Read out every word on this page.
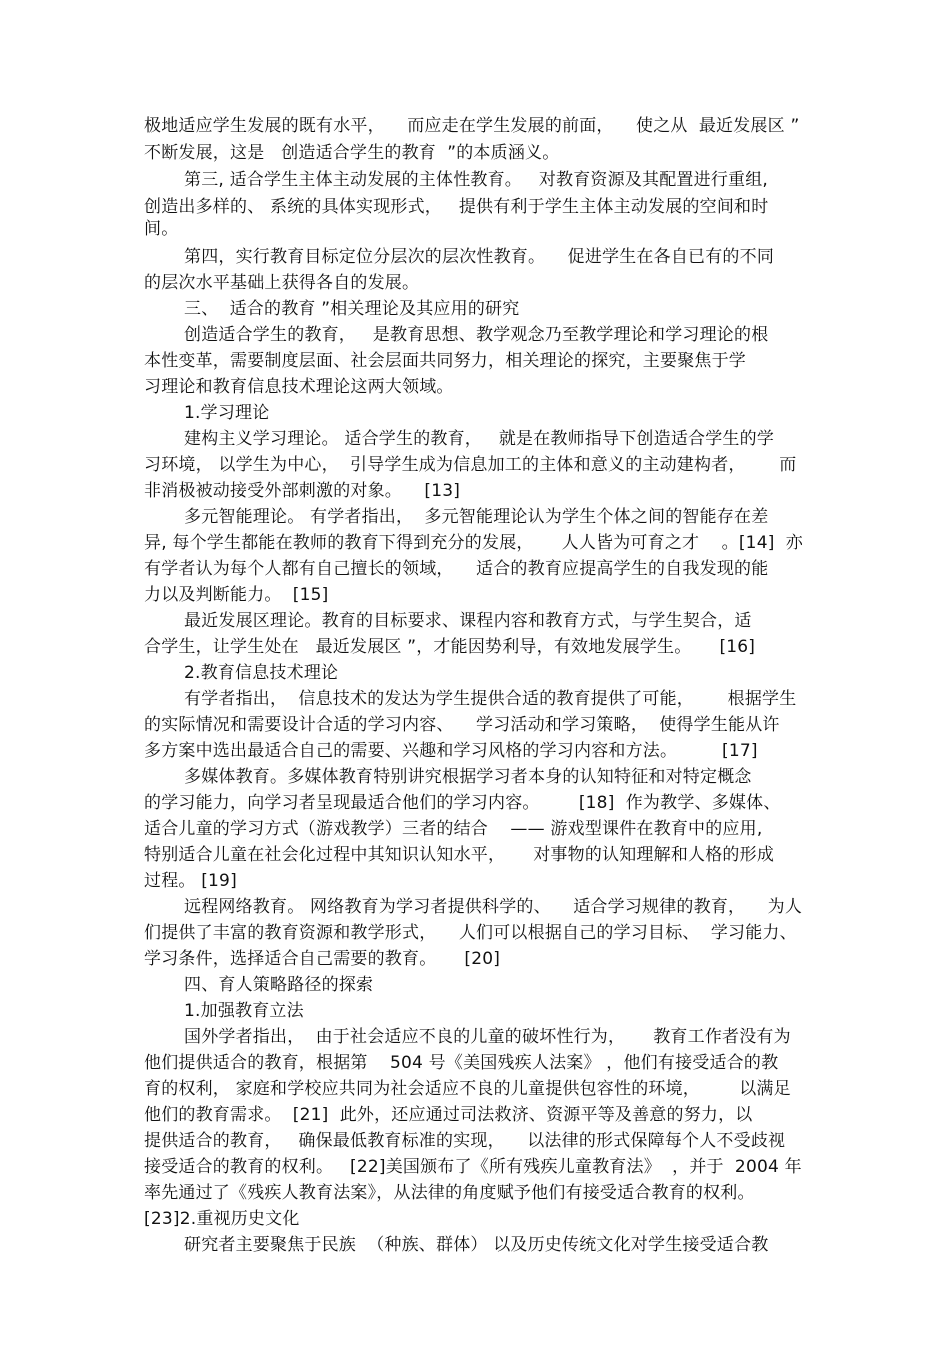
极地适应学生发展的既有水平，    而应走在学生发展的前面，    使之从  最近发展区 ”
不断发展，这是   创造适合学生的教育  ”的本质涵义。
第三, 适合学生主体主动发展的主体性教育。   对教育资源及其配置进行重组,
创造出多样的、 系统的具体实现形式，   提供有利于学生主体主动发展的空间和时
间。
第四，实行教育目标定位分层次的层次性教育。    促进学生在各自已有的不同
的层次水平基础上获得各自的发展。
三、  适合的教育 ”相关理论及其应用的研究
创造适合学生的教育，   是教育思想、教学观念乃至教学理论和学习理论的根
本性变革，需要制度层面、社会层面共同努力，相关理论的探究，主要聚焦于学
习理论和教育信息技术理论这两大领域。
1.学习理论
建构主义学习理论。 适合学生的教育，   就是在教师指导下创造适合学生的学
习环境， 以学生为中心，  引导学生成为信息加工的主体和意义的主动建构者，      而
非消极被动接受外部刺激的对象。    [13]
多元智能理论。 有学者指出，  多元智能理论认为学生个体之间的智能存在差
异, 每个学生都能在教师的教育下得到充分的发展，     人人皆为可育之才    。[14]  亦
有学者认为每个人都有自己擅长的领域，    适合的教育应提高学生的自我发现的能
力以及判断能力。  [15]
最近发展区理论。教育的目标要求、课程内容和教育方式，与学生契合，适
合学生，让学生处在   最近发展区 ”，才能因势利导，有效地发展学生。     [16]
2.教育信息技术理论
有学者指出，  信息技术的发达为学生提供合适的教育提供了可能，      根据学生
的实际情况和需要设计合适的学习内容、    学习活动和学习策略，  使得学生能从许
多方案中选出最适合自己的需要、兴趣和学习风格的学习内容和方法。        [17]
多媒体教育。多媒体教育特别讲究根据学习者本身的认知特征和对特定概念
的学习能力，向学习者呈现最适合他们的学习内容。       [18]  作为教学、多媒体、
适合儿童的学习方式（游戏教学）三者的结合    —— 游戏型课件在教育中的应用,
特别适合儿童在社会化过程中其知识认知水平，     对事物的认知理解和人格的形成
过程。 [19]
远程网络教育。 网络教育为学习者提供科学的、    适合学习规律的教育，    为人
们提供了丰富的教育资源和教学形式，    人们可以根据自己的学习目标、  学习能力、
学习条件，选择适合自己需要的教育。     [20]
四、育人策略路径的探索
1.加强教育立法
国外学者指出，  由于社会适应不良的儿童的破坏性行为，     教育工作者没有为
他们提供适合的教育，根据第    504 号《美国残疾人法案》 ，他们有接受适合的教
育的权利， 家庭和学校应共同为社会适应不良的儿童提供包容性的环境，       以满足
他们的教育需求。  [21]  此外，还应通过司法救济、资源平等及善意的努力，以
提供适合的教育，   确保最低教育标准的实现，    以法律的形式保障每个人不受歧视
接受适合的教育的权利。   [22]美国颁布了《所有残疾儿童教育法》  ，并于  2004 年
率先通过了《残疾人教育法案》，从法律的角度赋予他们有接受适合教育的权利。
[23]2.重视历史文化
研究者主要聚焦于民族  （种族、群体） 以及历史传统文化对学生接受适合教
